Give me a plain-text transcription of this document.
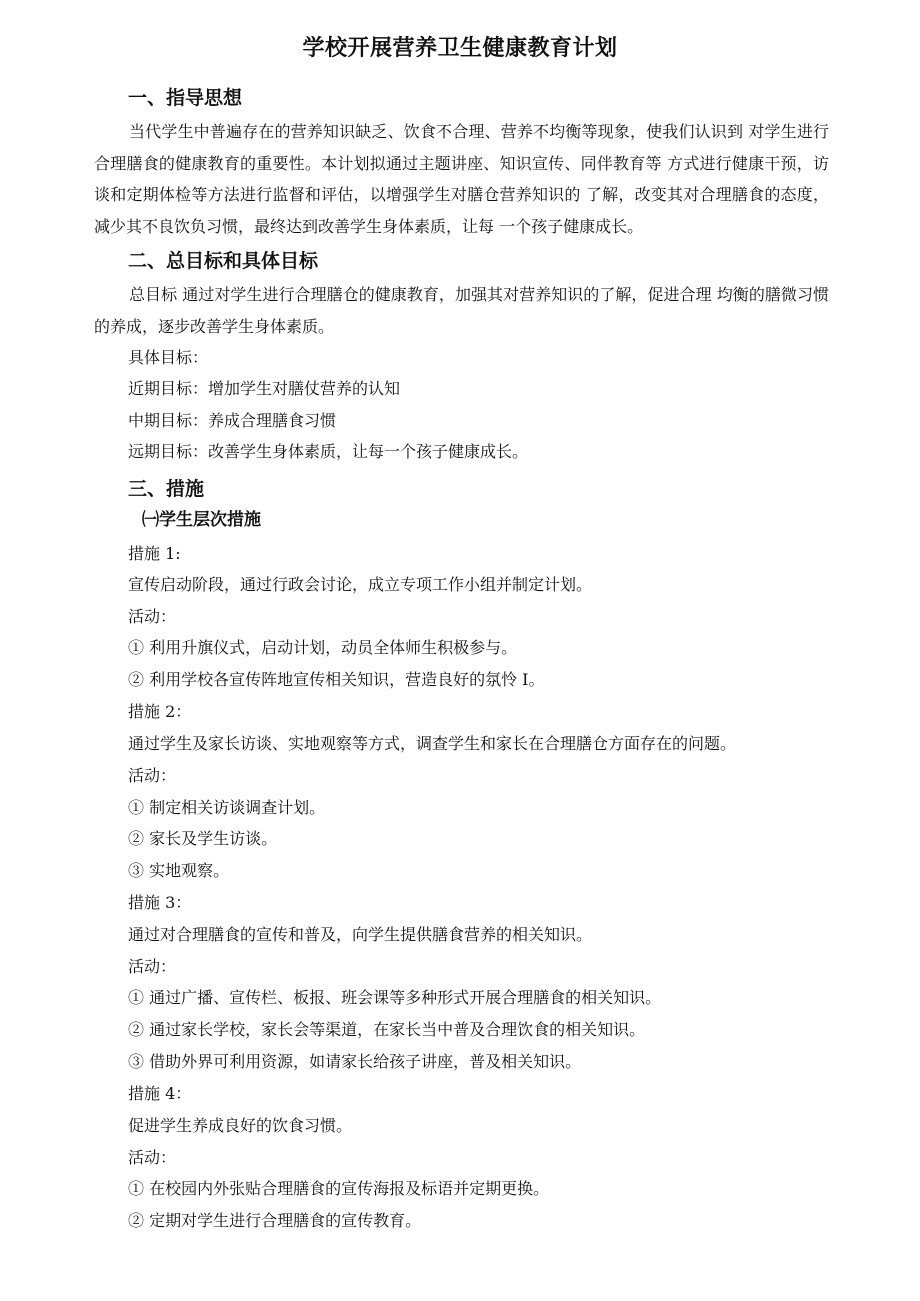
学校开展营养卫生健康教育计划
一、指导思想
当代学生中普遍存在的营养知识缺乏、饮食不合理、营养不均衡等现象，使我们认识到 对学生进行合理膳食的健康教育的重要性。本计划拟通过主题讲座、知识宣传、同伴教育等 方式进行健康干预，访谈和定期体检等方法进行监督和评估，以增强学生对膳仓营养知识的 了解，改变其对合理膳食的态度，减少其不良饮负习惯，最终达到改善学生身体素质，让每 一个孩子健康成长。
二、总目标和具体目标
总目标 通过对学生进行合理膳仓的健康教育，加强其对营养知识的了解，促进合理 均衡的膳微习惯的养成，逐步改善学生身体素质。
具体目标：
近期目标：增加学生对膳仗营养的认知
中期目标：养成合理膳食习惯
远期目标：改善学生身体素质，让每一个孩子健康成长。
三、措施
㈠学生层次措施
措施 1:
宣传启动阶段，通过行政会讨论，成立专项工作小组并制定计划。
活动：
① 利用升旗仪式，启动计划，动员全体师生积极参与。
② 利用学校各宣传阵地宣传相关知识，营造良好的氛怜 I。
措施 2：
通过学生及家长访谈、实地观察等方式，调查学生和家长在合理膳仓方面存在的问题。
活动：
① 制定相关访谈调查计划。
② 家长及学生访谈。
③ 实地观察。
措施 3：
通过对合理膳食的宣传和普及，向学生提供膳食营养的相关知识。
活动：
① 通过广播、宣传栏、板报、班会课等多种形式开展合理膳食的相关知识。
② 通过家长学校，家长会等渠道，在家长当中普及合理饮食的相关知识。
③ 借助外界可利用资源，如请家长给孩子讲座，普及相关知识。
措施 4：
促进学生养成良好的饮食习惯。
活动：
① 在校园内外张贴合理膳食的宣传海报及标语并定期更换。
② 定期对学生进行合理膳食的宣传教育。
